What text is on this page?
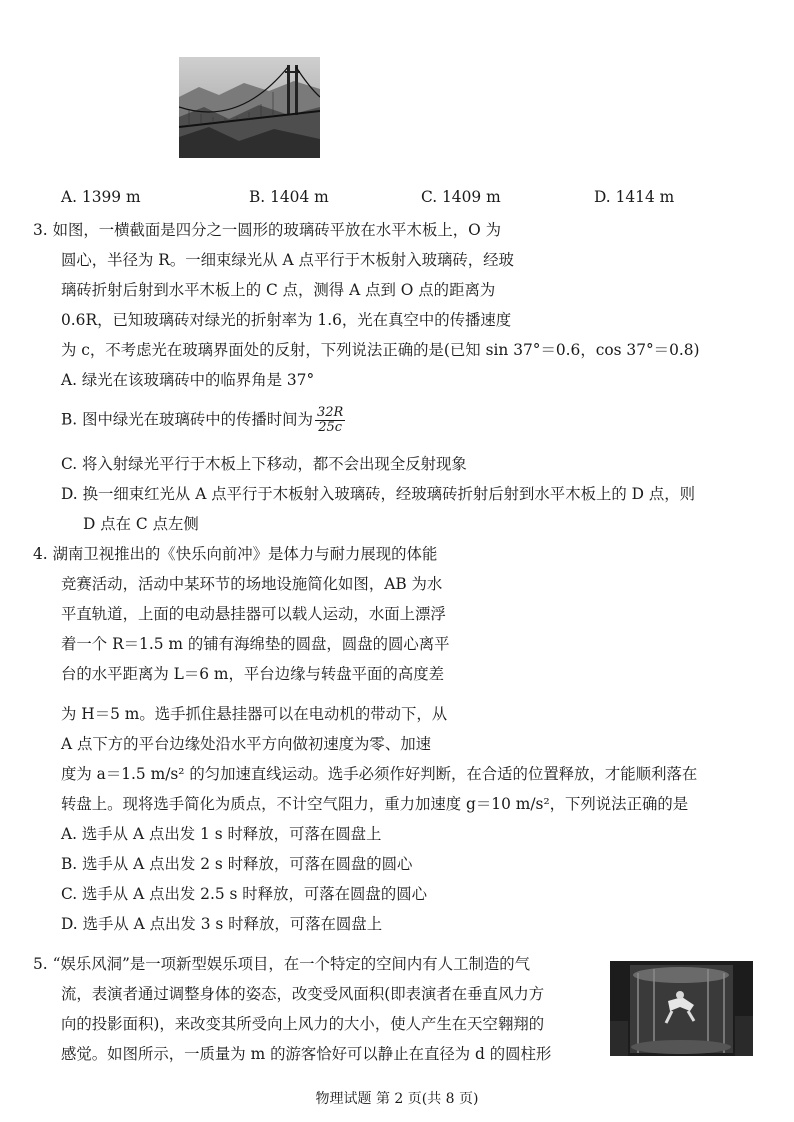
A. 1399 m	B. 1404 m	C. 1409 m	D. 1414 m
3. 如图，一横截面是四分之一圆形的玻璃砖平放在水平木板上，O 为
圆心，半径为 R。一细束绿光从 A 点平行于木板射入玻璃砖，经玻
璃砖折射后射到水平木板上的 C 点，测得 A 点到 O 点的距离为
0.6R，已知玻璃砖对绿光的折射率为 1.6，光在真空中的传播速度
为 c，不考虑光在玻璃界面处的反射，下列说法正确的是(已知 sin 37°＝0.6，cos 37°＝0.8)
A. 绿光在该玻璃砖中的临界角是 37°
B. 图中绿光在玻璃砖中的传播时间为 $\frac{32R}{25c}$
C. 将入射绿光平行于木板上下移动，都不会出现全反射现象
D. 换一细束红光从 A 点平行于木板射入玻璃砖，经玻璃砖折射后射到水平木板上的 D 点，则
D 点在 C 点左侧
4. 湖南卫视推出的《快乐向前冲》是体力与耐力展现的体能
竞赛活动，活动中某环节的场地设施简化如图，AB 为水
平直轨道，上面的电动悬挂器可以载人运动，水面上漂浮
着一个 R＝1.5 m 的铺有海绵垫的圆盘，圆盘的圆心离平
台的水平距离为 L＝6 m，平台边缘与转盘平面的高度差
为 H＝5 m。选手抓住悬挂器可以在电动机的带动下，从
A 点下方的平台边缘处沿水平方向做初速度为零、加速
度为 a＝1.5 m/s² 的匀加速直线运动。选手必须作好判断，在合适的位置释放，才能顺利落在
转盘上。现将选手简化为质点，不计空气阻力，重力加速度 g＝10 m/s²，下列说法正确的是
A. 选手从 A 点出发 1 s 时释放，可落在圆盘上
B. 选手从 A 点出发 2 s 时释放，可落在圆盘的圆心
C. 选手从 A 点出发 2.5 s 时释放，可落在圆盘的圆心
D. 选手从 A 点出发 3 s 时释放，可落在圆盘上
5. “娱乐风洞”是一项新型娱乐项目，在一个特定的空间内有人工制造的气
流，表演者通过调整身体的姿态，改变受风面积(即表演者在垂直风力方
向的投影面积)，来改变其所受向上风力的大小，使人产生在天空翱翔的
感觉。如图所示，一质量为 m 的游客恰好可以静止在直径为 d 的圆柱形
物理试题 第 2 页(共 8 页)
